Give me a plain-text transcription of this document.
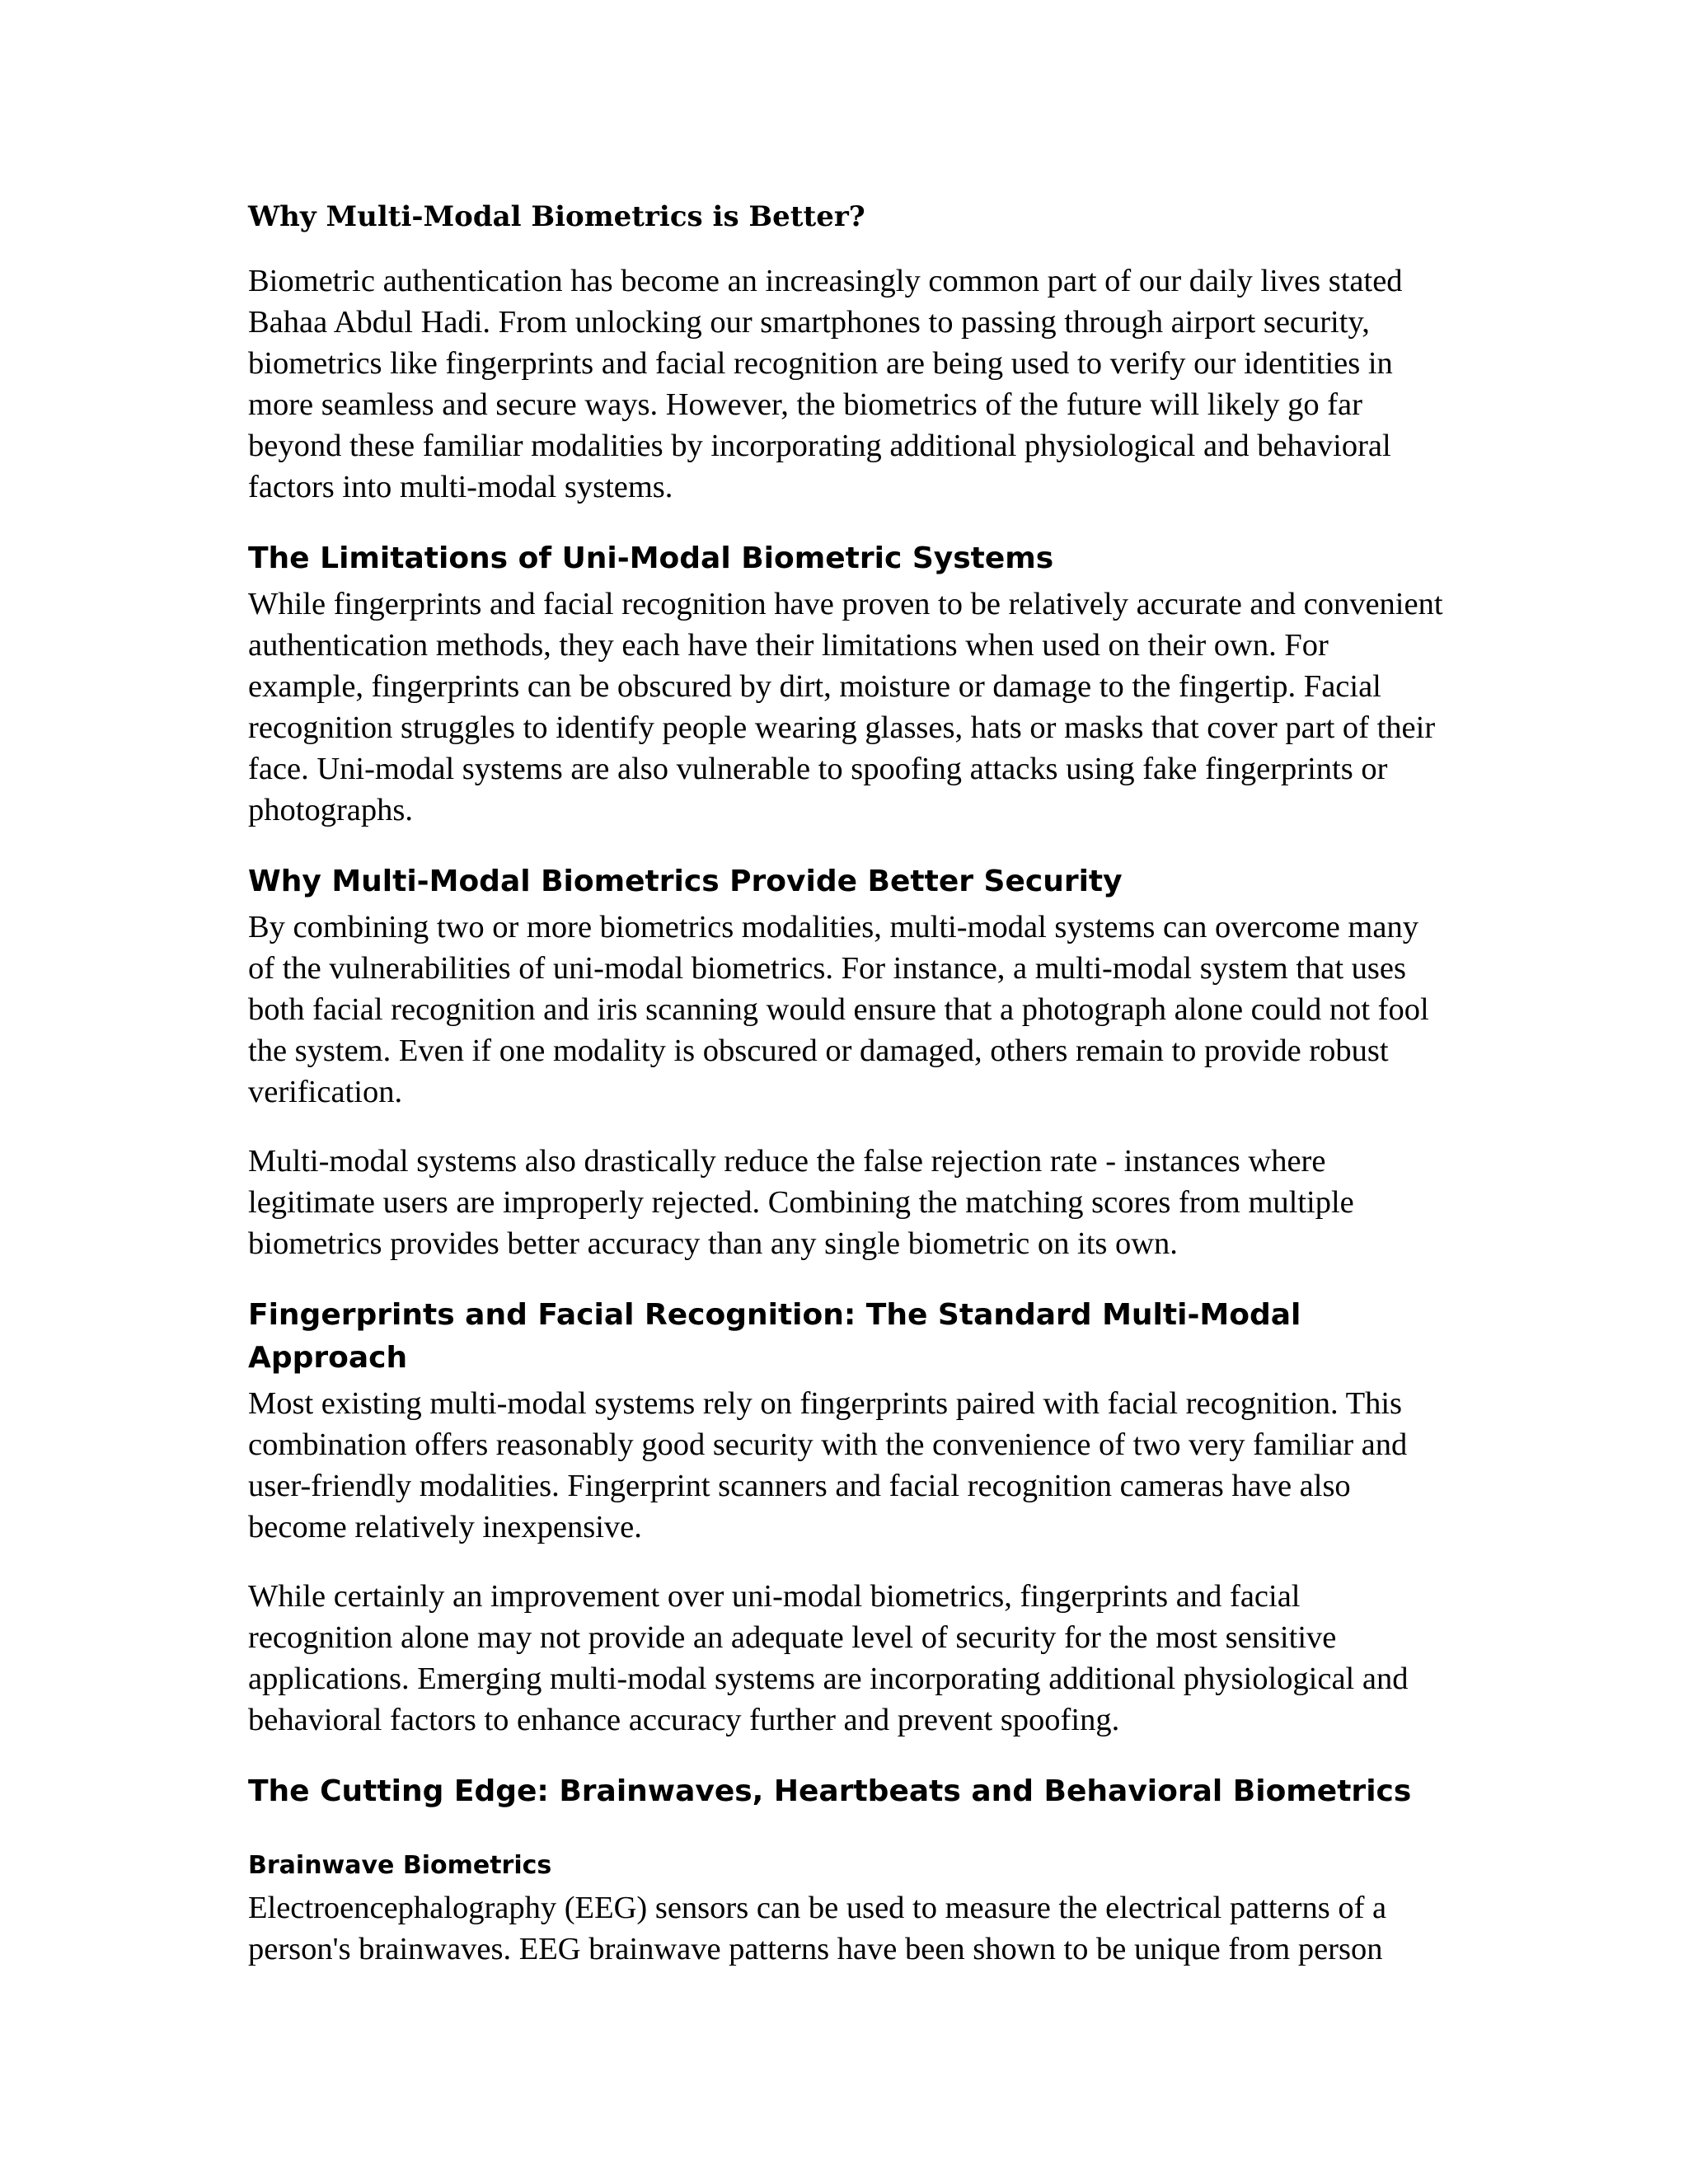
Why Multi-Modal Biometrics is Better?

Biometric authentication has become an increasingly common part of our daily lives stated Bahaa Abdul Hadi. From unlocking our smartphones to passing through airport security, biometrics like fingerprints and facial recognition are being used to verify our identities in more seamless and secure ways. However, the biometrics of the future will likely go far beyond these familiar modalities by incorporating additional physiological and behavioral factors into multi-modal systems.

The Limitations of Uni-Modal Biometric Systems

While fingerprints and facial recognition have proven to be relatively accurate and convenient authentication methods, they each have their limitations when used on their own. For example, fingerprints can be obscured by dirt, moisture or damage to the fingertip. Facial recognition struggles to identify people wearing glasses, hats or masks that cover part of their face. Uni-modal systems are also vulnerable to spoofing attacks using fake fingerprints or photographs.

Why Multi-Modal Biometrics Provide Better Security

By combining two or more biometrics modalities, multi-modal systems can overcome many of the vulnerabilities of uni-modal biometrics. For instance, a multi-modal system that uses both facial recognition and iris scanning would ensure that a photograph alone could not fool the system. Even if one modality is obscured or damaged, others remain to provide robust verification.

Multi-modal systems also drastically reduce the false rejection rate - instances where legitimate users are improperly rejected. Combining the matching scores from multiple biometrics provides better accuracy than any single biometric on its own.

Fingerprints and Facial Recognition: The Standard Multi-Modal Approach

Most existing multi-modal systems rely on fingerprints paired with facial recognition. This combination offers reasonably good security with the convenience of two very familiar and user-friendly modalities. Fingerprint scanners and facial recognition cameras have also become relatively inexpensive.

While certainly an improvement over uni-modal biometrics, fingerprints and facial recognition alone may not provide an adequate level of security for the most sensitive applications. Emerging multi-modal systems are incorporating additional physiological and behavioral factors to enhance accuracy further and prevent spoofing.

The Cutting Edge: Brainwaves, Heartbeats and Behavioral Biometrics
Brainwave Biometrics

Electroencephalography (EEG) sensors can be used to measure the electrical patterns of a person's brainwaves. EEG brainwave patterns have been shown to be unique from person
